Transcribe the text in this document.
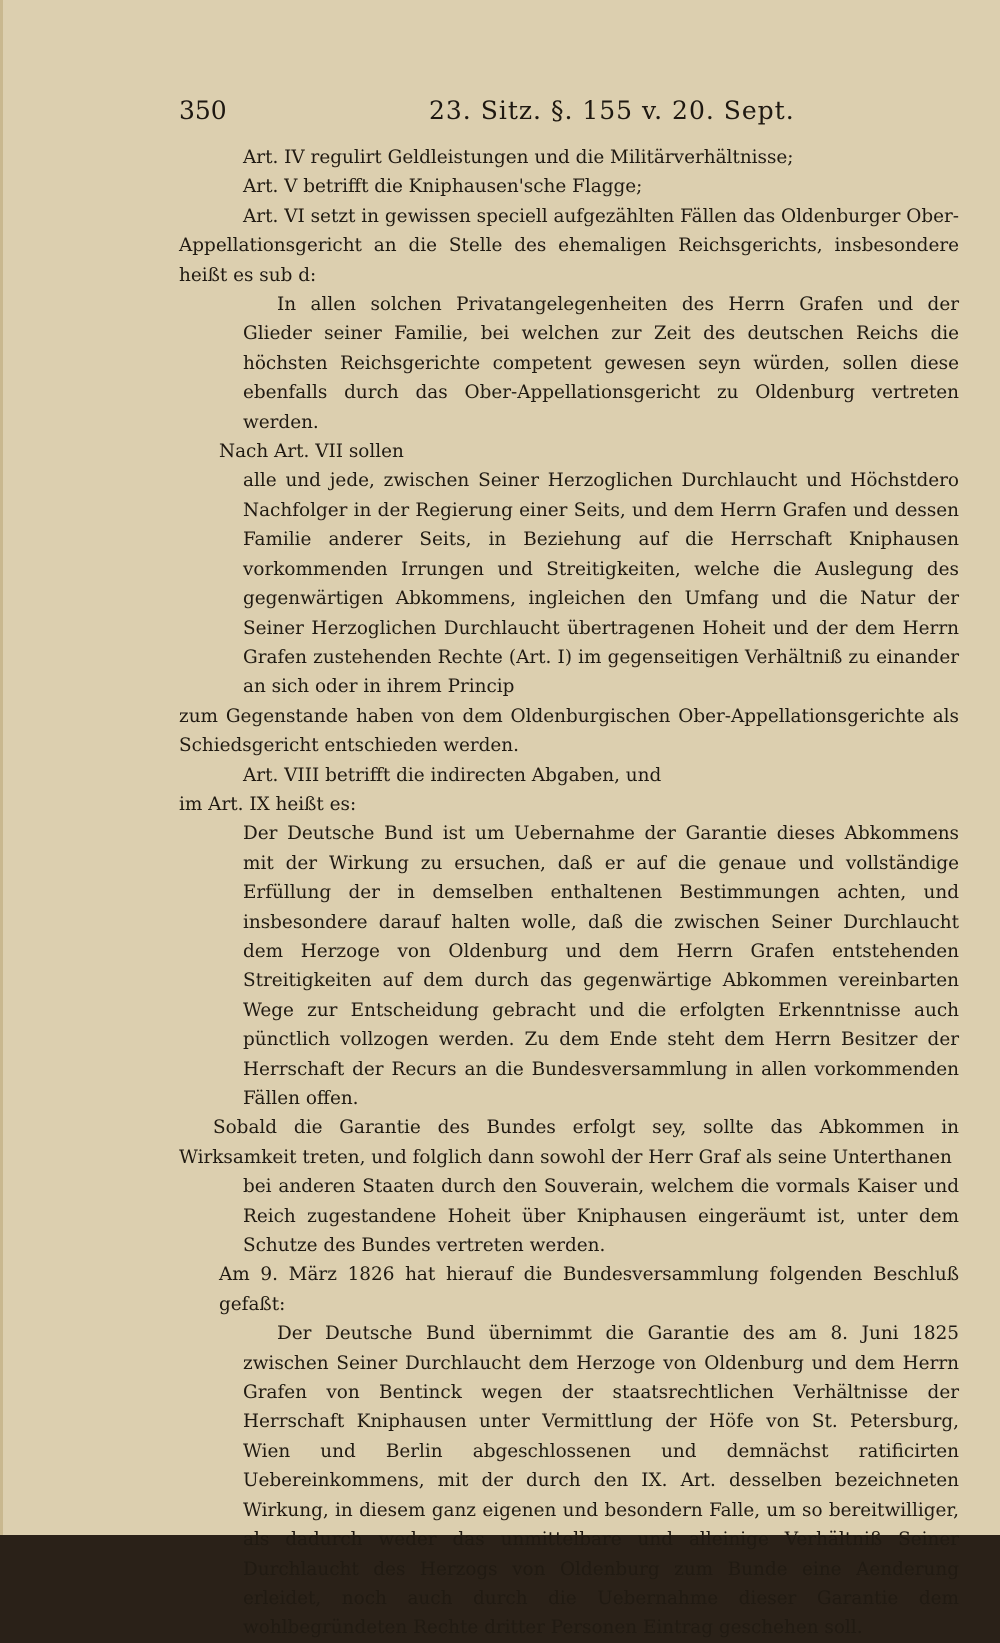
350	23. Sitz. §. 155 v. 20. Sept.

Art. IV regulirt Geldleistungen und die Militärverhältnisse;

Art. V betrifft die Kniphausen'sche Flagge;

Art. VI setzt in gewissen speciell aufgezählten Fällen das Oldenburger Ober-Appellationsgericht an die Stelle des ehemaligen Reichsgerichts, insbesondere heißt es sub d:

In allen solchen Privatangelegenheiten des Herrn Grafen und der Glieder seiner Familie, bei welchen zur Zeit des deutschen Reichs die höchsten Reichsgerichte competent gewesen seyn würden, sollen diese ebenfalls durch das Ober-Appellationsgericht zu Oldenburg vertreten werden.

Nach Art. VII sollen

alle und jede, zwischen Seiner Herzoglichen Durchlaucht und Höchstdero Nachfolger in der Regierung einer Seits, und dem Herrn Grafen und dessen Familie anderer Seits, in Beziehung auf die Herrschaft Kniphausen vorkommenden Irrungen und Streitigkeiten, welche die Auslegung des gegenwärtigen Abkommens, ingleichen den Umfang und die Natur der Seiner Herzoglichen Durchlaucht übertragenen Hoheit und der dem Herrn Grafen zustehenden Rechte (Art. I) im gegenseitigen Verhältniß zu einander an sich oder in ihrem Princip

zum Gegenstande haben von dem Oldenburgischen Ober-Appellationsgerichte als Schiedsgericht entschieden werden.

Art. VIII betrifft die indirecten Abgaben, und

im Art. IX heißt es:

Der Deutsche Bund ist um Uebernahme der Garantie dieses Abkommens mit der Wirkung zu ersuchen, daß er auf die genaue und vollständige Erfüllung der in demselben enthaltenen Bestimmungen achten, und insbesondere darauf halten wolle, daß die zwischen Seiner Durchlaucht dem Herzoge von Oldenburg und dem Herrn Grafen entstehenden Streitigkeiten auf dem durch das gegenwärtige Abkommen vereinbarten Wege zur Entscheidung gebracht und die erfolgten Erkenntnisse auch pünctlich vollzogen werden. Zu dem Ende steht dem Herrn Besitzer der Herrschaft der Recurs an die Bundesversammlung in allen vorkommenden Fällen offen.

Sobald die Garantie des Bundes erfolgt sey, sollte das Abkommen in Wirksamkeit treten, und folglich dann sowohl der Herr Graf als seine Unterthanen

bei anderen Staaten durch den Souverain, welchem die vormals Kaiser und Reich zugestandene Hoheit über Kniphausen eingeräumt ist, unter dem Schutze des Bundes vertreten werden.

Am 9. März 1826 hat hierauf die Bundesversammlung folgenden Beschluß gefaßt:

Der Deutsche Bund übernimmt die Garantie des am 8. Juni 1825 zwischen Seiner Durchlaucht dem Herzoge von Oldenburg und dem Herrn Grafen von Bentinck wegen der staatsrechtlichen Verhältnisse der Herrschaft Kniphausen unter Vermittlung der Höfe von St. Petersburg, Wien und Berlin abgeschlossenen und demnächst ratificirten Uebereinkommens, mit der durch den IX. Art. desselben bezeichneten Wirkung, in diesem ganz eigenen und besondern Falle, um so bereitwilliger, als dadurch weder das unmittelbare und alleinige Verhältniß Seiner Durchlaucht des Herzogs von Oldenburg zum Bunde eine Aenderung erleidet, noch auch durch die Uebernahme dieser Garantie dem wohlbegründeten Rechte dritter Personen Eintrag geschehen soll.
